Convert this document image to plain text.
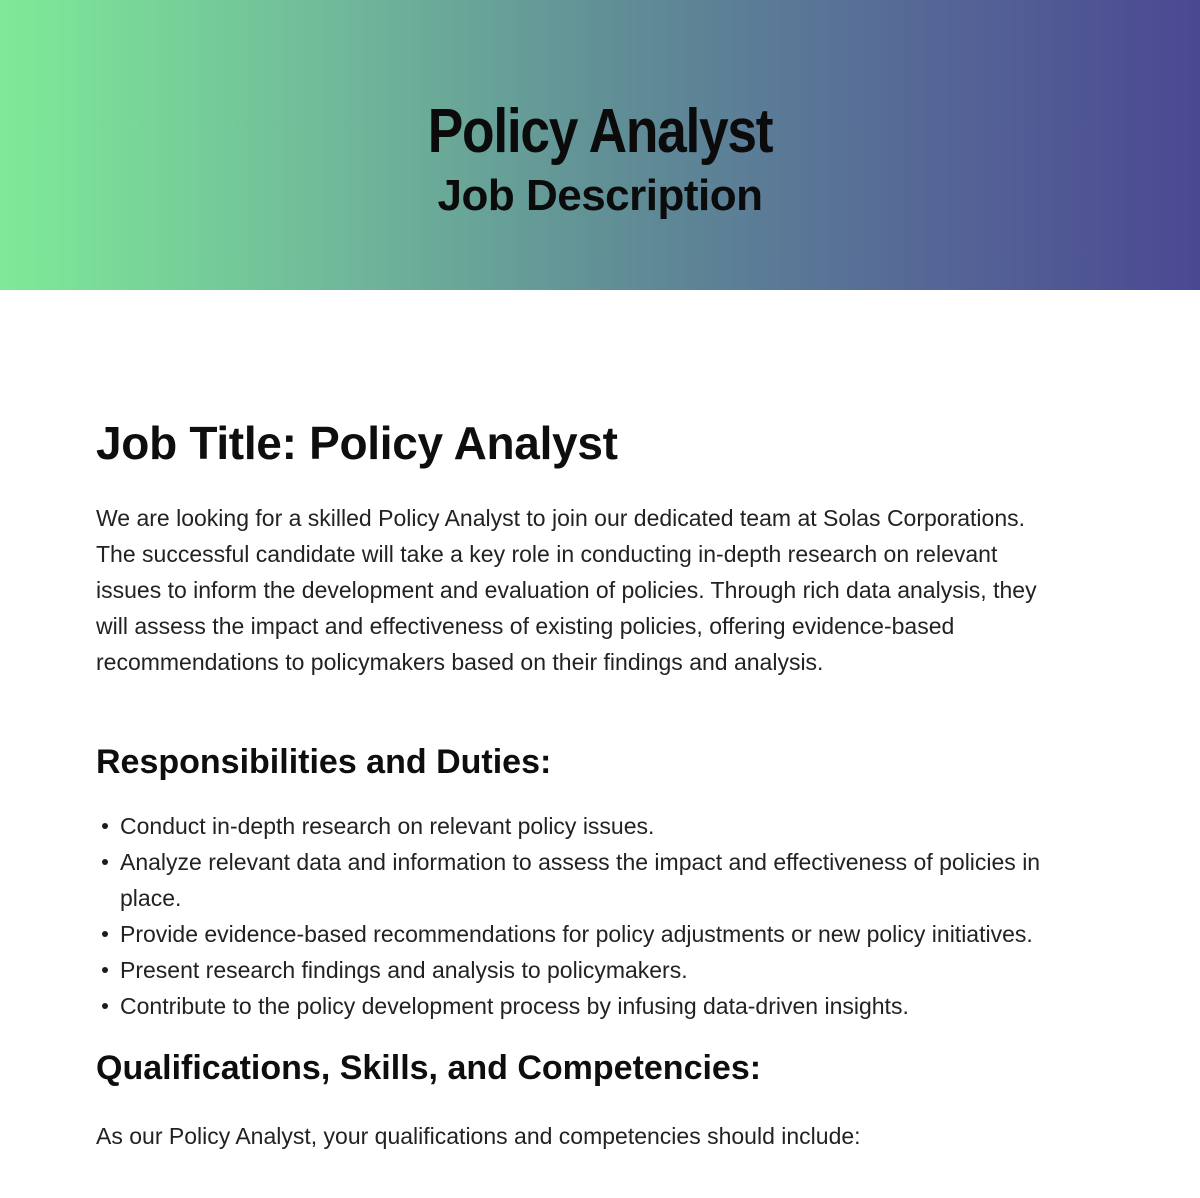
Policy Analyst
Job Description
Job Title: Policy Analyst

We are looking for a skilled Policy Analyst to join our dedicated team at Solas Corporations. The successful candidate will take a key role in conducting in-depth research on relevant issues to inform the development and evaluation of policies. Through rich data analysis, they will assess the impact and effectiveness of existing policies, offering evidence-based recommendations to policymakers based on their findings and analysis.

Responsibilities and Duties:
Conduct in-depth research on relevant policy issues.
Analyze relevant data and information to assess the impact and effectiveness of policies in place.
Provide evidence-based recommendations for policy adjustments or new policy initiatives.
Present research findings and analysis to policymakers.
Contribute to the policy development process by infusing data-driven insights.
Qualifications, Skills, and Competencies:

As our Policy Analyst, your qualifications and competencies should include:
